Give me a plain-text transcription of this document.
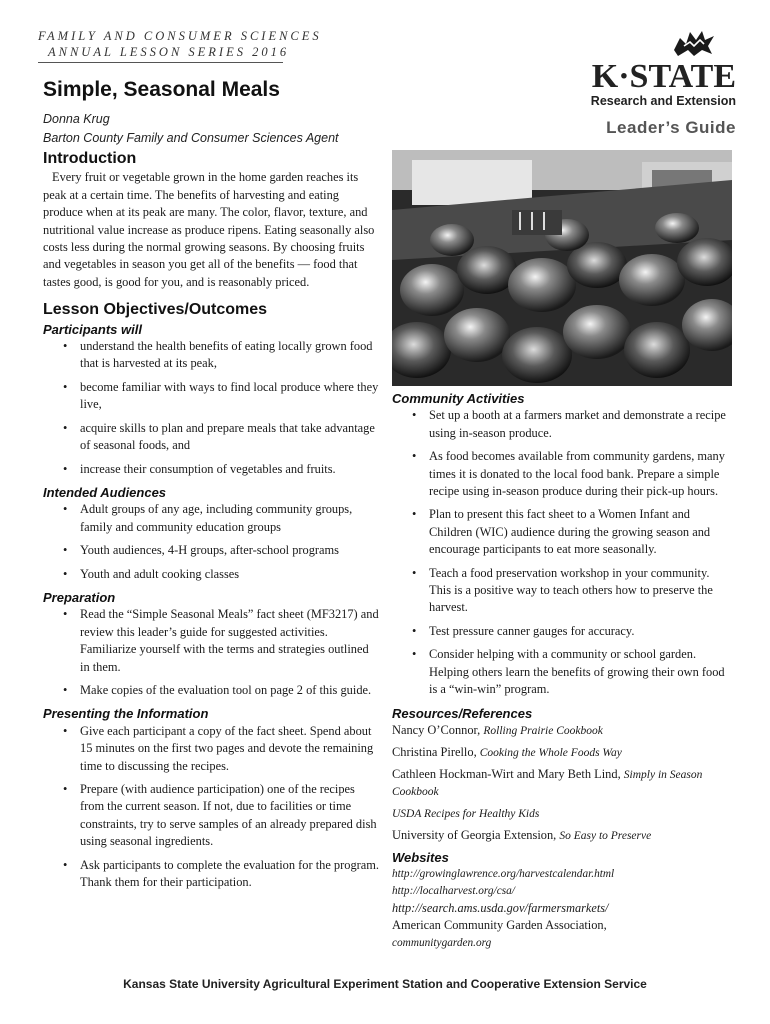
FAMILY AND CONSUMER SCIENCES
ANNUAL LESSON SERIES 2016
Simple, Seasonal Meals
Donna Krug
Barton County Family and Consumer Sciences Agent
K·STATE
Research and Extension
Leader’s Guide
Introduction

Every fruit or vegetable grown in the home garden reaches its peak at a certain time. The benefits of harvesting and eating produce when at its peak are many. The color, flavor, texture, and nutritional value increase as produce ripens. Eating seasonally also costs less during the normal growing seasons. By choosing fruits and vegetables in season you get all of the benefits — food that tastes good, is good for you, and is reasonably priced.

Lesson Objectives/Outcomes
Participants will
• understand the health benefits of eating locally grown food that is harvested at its peak,
• become familiar with ways to find local produce where they live,
• acquire skills to plan and prepare meals that take advantage of seasonal foods, and
• increase their consumption of vegetables and fruits.
Intended Audiences
• Adult groups of any age, including community groups, family and community education groups
• Youth audiences, 4-H groups, after-school programs
• Youth and adult cooking classes
Preparation
• Read the “Simple Seasonal Meals” fact sheet (MF3217) and review this leader’s guide for suggested activities. Familiarize yourself with the terms and strategies outlined in them.
• Make copies of the evaluation tool on page 2 of this guide.
Presenting the Information
• Give each participant a copy of the fact sheet. Spend about 15 minutes on the first two pages and devote the remaining time to discussing the recipes.
• Prepare (with audience participation) one of the recipes from the current season. If not, due to facilities or time constraints, try to serve samples of an already prepared dish using seasonal ingredients.
• Ask participants to complete the evaluation for the program. Thank them for their participation.
Community Activities
• Set up a booth at a farmers market and demonstrate a recipe using in-season produce.
• As food becomes available from community gardens, many times it is donated to the local food bank. Prepare a simple recipe using in-season produce during their pick-up hours.
• Plan to present this fact sheet to a Women Infant and Children (WIC) audience during the growing season and encourage participants to eat more seasonally.
• Teach a food preservation workshop in your community. This is a positive way to teach others how to preserve the harvest.
• Test pressure canner gauges for accuracy.
• Consider helping with a community or school garden. Helping others learn the benefits of growing their own food is a “win-win” program.
Resources/References

Nancy O’Connor, Rolling Prairie Cookbook

Christina Pirello, Cooking the Whole Foods Way

Cathleen Hockman-Wirt and Mary Beth Lind, Simply in Season Cookbook

USDA Recipes for Healthy Kids

University of Georgia Extension, So Easy to Preserve

Websites

http://growinglawrence.org/harvestcalendar.html

http://localharvest.org/csa/

http://search.ams.usda.gov/farmersmarkets/

American Community Garden Association,

communitygarden.org

Kansas State University Agricultural Experiment Station and Cooperative Extension Service
